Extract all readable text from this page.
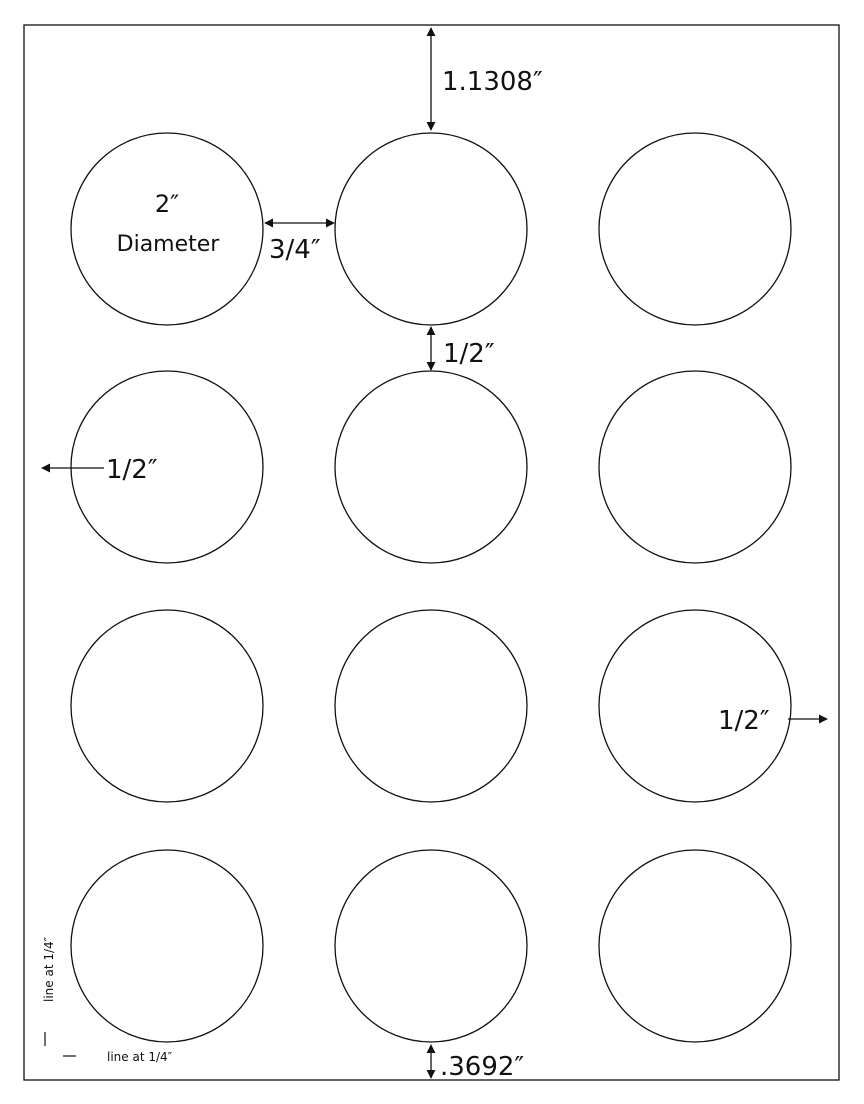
1.1308″
2″
Diameter 3/4″
1/2″
1/2″
1/2″
.3692″
line at 1/4″
line at 1/4″
